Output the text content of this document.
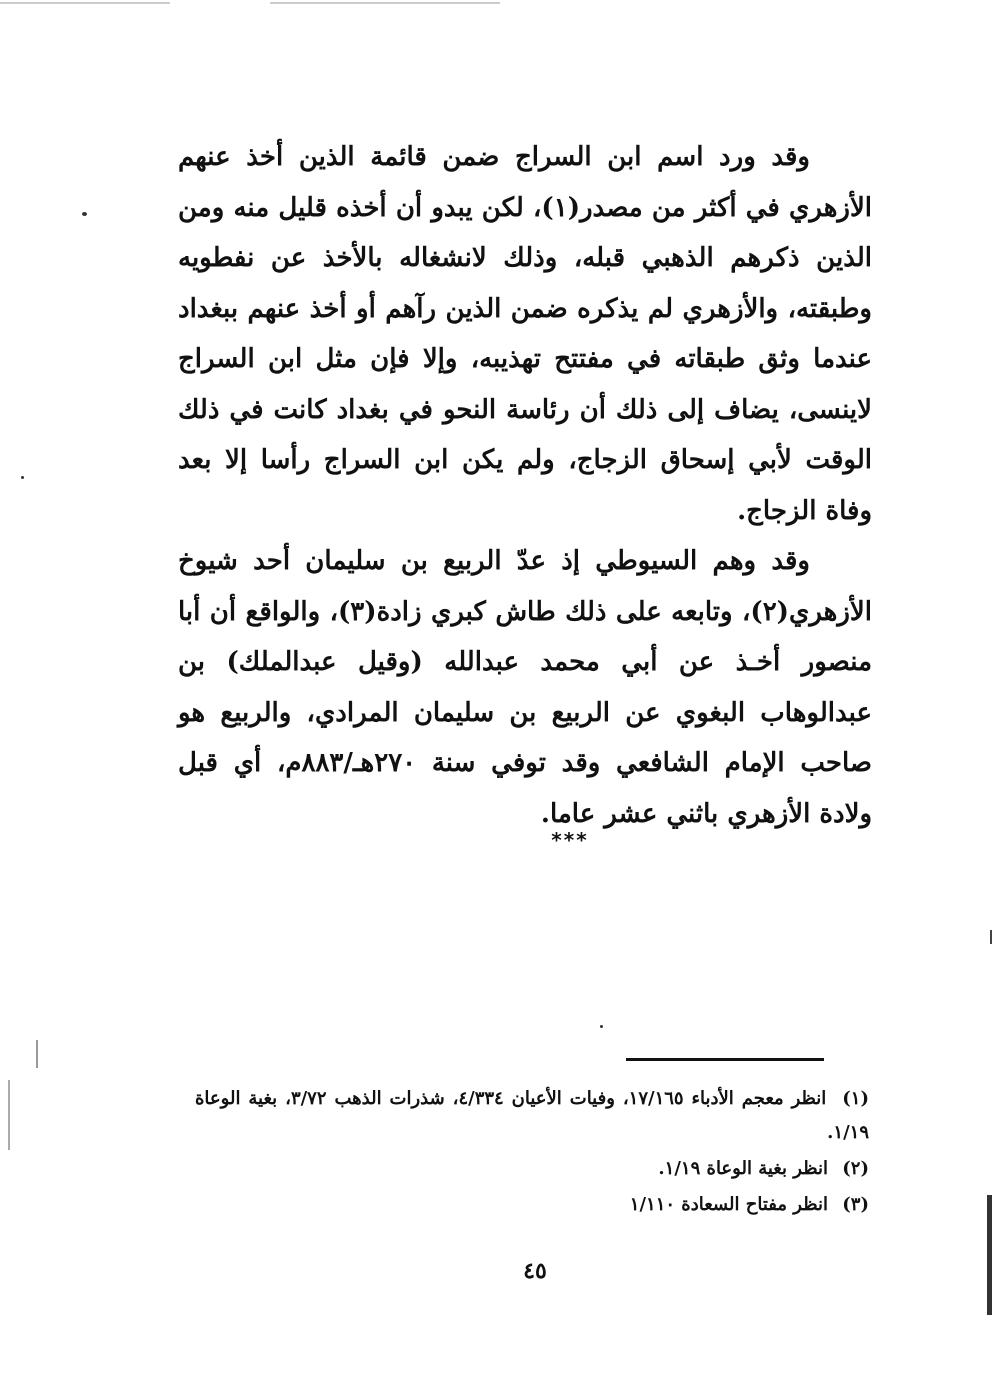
وقد ورد اسم ابن السراج ضمن قائمة الذين أخذ عنهم الأزهري في أكثر من مصدر(١)، لكن يبدو أن أخذه قليل منه ومن الذين ذكرهم الذهبي قبله، وذلك لانشغاله بالأخذ عن نفطويه وطبقته، والأزهري لم يذكره ضمن الذين رآهم أو أخذ عنهم ببغداد عندما وثق طبقاته في مفتتح تهذيبه، وإلا فإن مثل ابن السراج لاينسى، يضاف إلى ذلك أن رئاسة النحو في بغداد كانت في ذلك الوقت لأبي إسحاق الزجاج، ولم يكن ابن السراج رأسا إلا بعد وفاة الزجاج.

وقد وهم السيوطي إذ عدّ الربيع بن سليمان أحد شيوخ الأزهري(٢)، وتابعه على ذلك طاش كبري زادة(٣)، والواقع أن أبا منصور أخـذ عن أبي محمد عبدالله (وقيل عبدالملك) بن عبدالوهاب البغوي عن الربيع بن سليمان المرادي، والربيع هو صاحب الإمام الشافعي وقد توفي سنة ٢٧٠هـ/٨٨٣م، أي قبل ولادة الأزهري باثني عشر عاما.

***

(١) انظر معجم الأدباء ١٧/١٦٥، وفيات الأعيان ٤/٣٣٤، شذرات الذهب ٣/٧٢، بغية الوعاة ١/١٩.

(٢) انظر بغية الوعاة ١/١٩.

(٣) انظر مفتاح السعادة ١/١١٠

٤٥
